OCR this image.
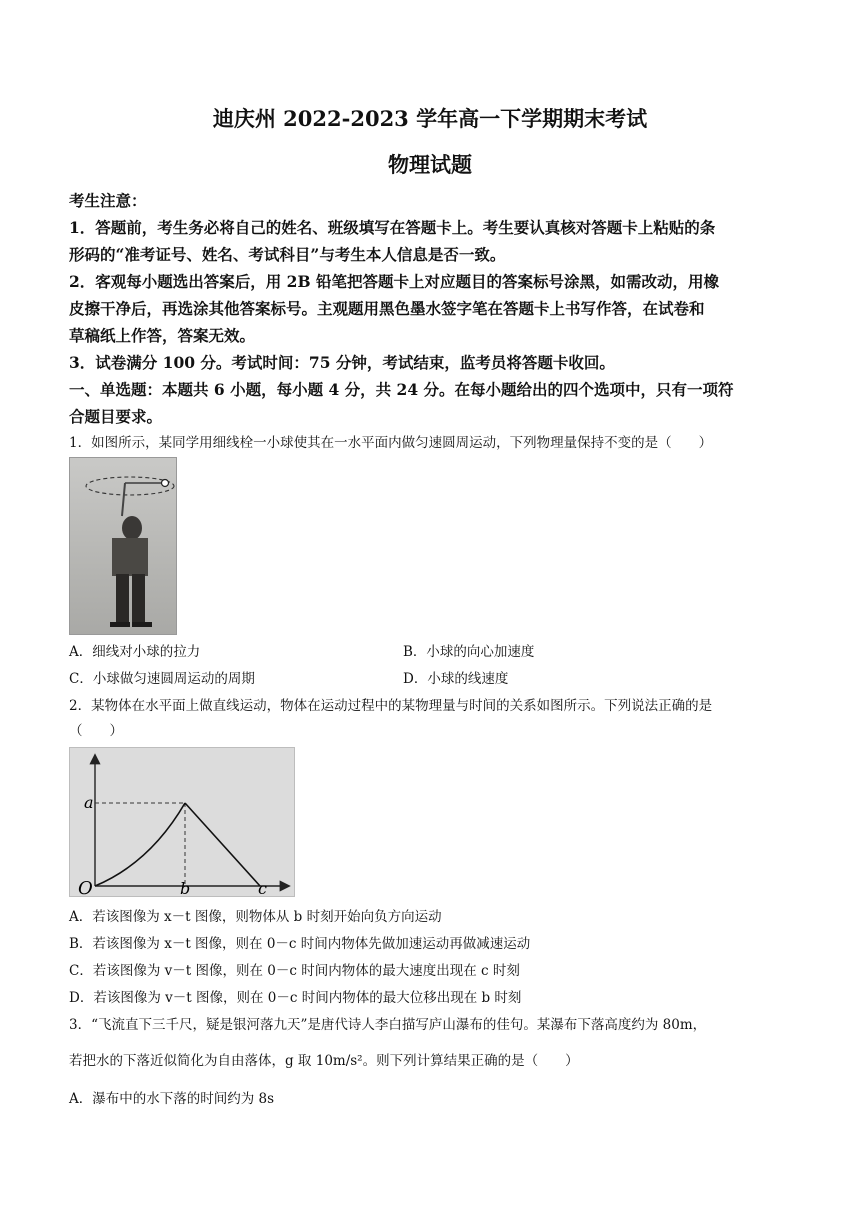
迪庆州 2022-2023 学年高一下学期期末考试
物理试题
考生注意：
1．答题前，考生务必将自己的姓名、班级填写在答题卡上。考生要认真核对答题卡上粘贴的条
形码的“准考证号、姓名、考试科目”与考生本人信息是否一致。
2．客观每小题选出答案后，用 2B 铅笔把答题卡上对应题目的答案标号涂黑，如需改动，用橡
皮擦干净后，再选涂其他答案标号。主观题用黑色墨水签字笔在答题卡上书写作答，在试卷和
草稿纸上作答，答案无效。
3．试卷满分 100 分。考试时间：75 分钟，考试结束，监考员将答题卡收回。
一、单选题：本题共 6 小题，每小题 4 分，共 24 分。在每小题给出的四个选项中，只有一项符
合题目要求。
1．如图所示，某同学用细线栓一小球使其在一水平面内做匀速圆周运动，下列物理量保持不变的是（　　）
A．细线对小球的拉力	B．小球的向心加速度
C．小球做匀速圆周运动的周期	D．小球的线速度
2．某物体在水平面上做直线运动，物体在运动过程中的某物理量与时间的关系如图所示。下列说法正确的是
（　　）
a
O	b	c
A．若该图像为 x－t 图像，则物体从 b 时刻开始向负方向运动
B．若该图像为 x－t 图像，则在 0－c 时间内物体先做加速运动再做减速运动
C．若该图像为 v－t 图像，则在 0－c 时间内物体的最大速度出现在 c 时刻
D．若该图像为 v－t 图像，则在 0－c 时间内物体的最大位移出现在 b 时刻
3．“飞流直下三千尺，疑是银河落九天”是唐代诗人李白描写庐山瀑布的佳句。某瀑布下落高度约为 80m，
若把水的下落近似简化为自由落体，g 取 10m/s²。则下列计算结果正确的是（　　）
A．瀑布中的水下落的时间约为 8s
